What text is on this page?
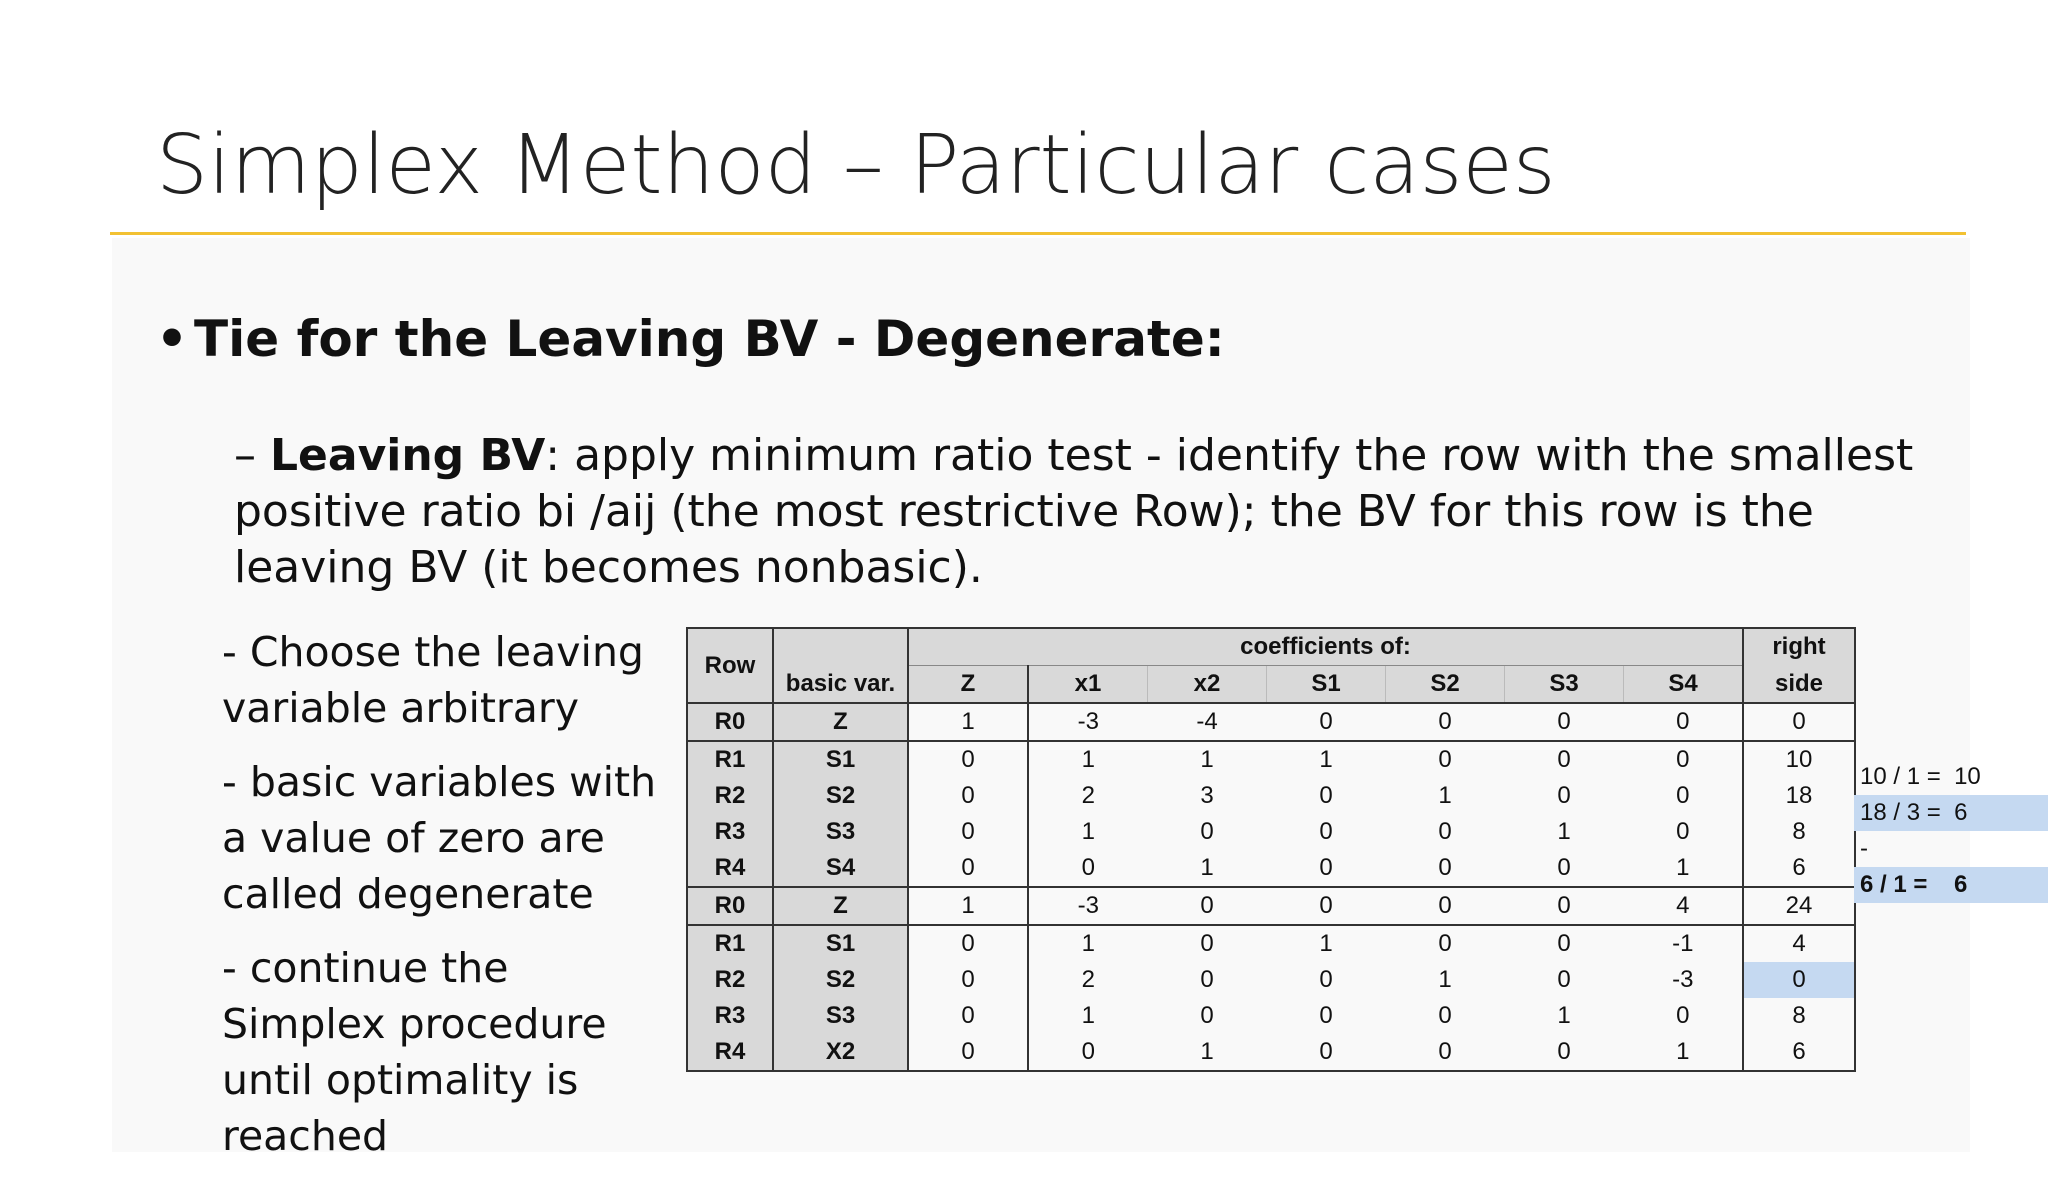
Simplex Method – Particular cases
• Tie for the Leaving BV - Degenerate:
– Leaving BV: apply minimum ratio test - identify the row with the smallest positive ratio bi /aij (the most restrictive Row); the BV for this row is the leaving BV (it becomes nonbasic).

- Choose the leaving variable arbitrary

- basic variables with a value of zero are called degenerate

- continue the Simplex procedure until optimality is reached

Row	basic var.	coefficients of:							right
		Z	x1	x2	S1	S2	S3	S4	side
R0	Z	1	-3	-4	0	0	0	0	0
R1	S1	0	1	1	1	0	0	0	10
R2	S2	0	2	3	0	1	0	0	18
R3	S3	0	1	0	0	0	1	0	8
R4	S4	0	0	1	0	0	0	1	6
R0	Z	1	-3	0	0	0	0	4	24
R1	S1	0	1	0	1	0	0	-1	4
R2	S2	0	2	0	0	1	0	-3	0
R3	S3	0	1	0	0	0	1	0	8
R4	X2	0	0	1	0	0	0	1	6
10 / 1 =  10
18 / 3 =  6
-
6 / 1 =    6
